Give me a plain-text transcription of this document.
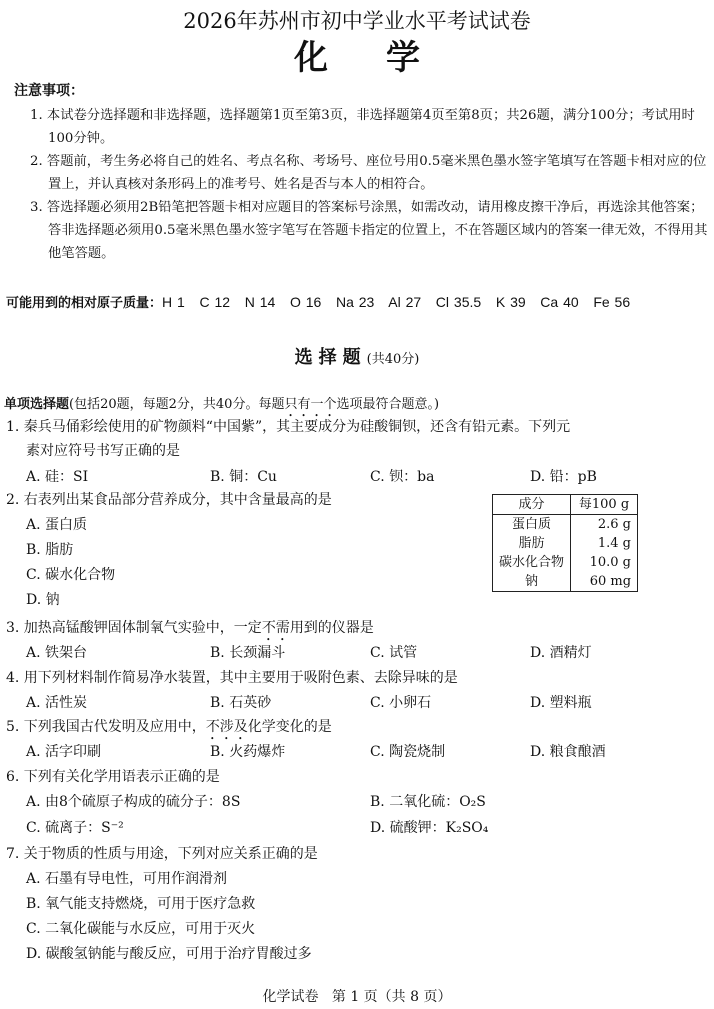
2026年苏州市初中学业水平考试试卷
化学
注意事项：
1. 本试卷分选择题和非选择题，选择题第1页至第3页，非选择题第4页至第8页；共26题，满分100分；考试用时100分钟。
2. 答题前，考生务必将自己的姓名、考点名称、考场号、座位号用0.5毫米黑色墨水签字笔填写在答题卡相对应的位置上，并认真核对条形码上的准考号、姓名是否与本人的相符合。
3. 答选择题必须用2B铅笔把答题卡相对应题目的答案标号涂黑，如需改动，请用橡皮擦干净后，再选涂其他答案；答非选择题必须用0.5毫米黑色墨水签字笔写在答题卡指定的位置上，不在答题区域内的答案一律无效，不得用其他笔答题。
可能用到的相对原子质量：H 1   C 12   N 14   O 16   Na 23   Al 27   Cl 35.5   K 39   Ca 40   Fe 56
选择题(共40分)
单项选择题(包括20题，每题2分，共40分。每题只有一个选项最符合题意。)
1. 秦兵马俑彩绘使用的矿物颜料“中国紫”，其主要成分为硅酸铜钡，还含有铅元素。下列元
素对应符号书写正确的是
A. 硅：SI	B. 铜：Cu	C. 钡：ba	D. 铅：pB
2. 右表列出某食品部分营养成分，其中含量最高的是
A. 蛋白质
B. 脂肪
C. 碳水化合物
D. 钠
成分	每100 g
蛋白质	2.6 g
脂肪	1.4 g
碳水化合物	10.0 g
钠	60 mg
3. 加热高锰酸钾固体制氧气实验中，一定不需用到的仪器是
A. 铁架台	B. 长颈漏斗	C. 试管	D. 酒精灯
4. 用下列材料制作简易净水装置，其中主要用于吸附色素、去除异味的是
A. 活性炭	B. 石英砂	C. 小卵石	D. 塑料瓶
5. 下列我国古代发明及应用中，不涉及化学变化的是
A. 活字印刷	B. 火药爆炸	C. 陶瓷烧制	D. 粮食酿酒
6. 下列有关化学用语表示正确的是
A. 由8个硫原子构成的硫分子：8S	B. 二氧化硫：O₂S
C. 硫离子：S⁻²	D. 硫酸钾：K₂SO₄
7. 关于物质的性质与用途，下列对应关系正确的是
A. 石墨有导电性，可用作润滑剂
B. 氧气能支持燃烧，可用于医疗急救
C. 二氧化碳能与水反应，可用于灭火
D. 碳酸氢钠能与酸反应，可用于治疗胃酸过多
化学试卷   第 1 页（共 8 页）
